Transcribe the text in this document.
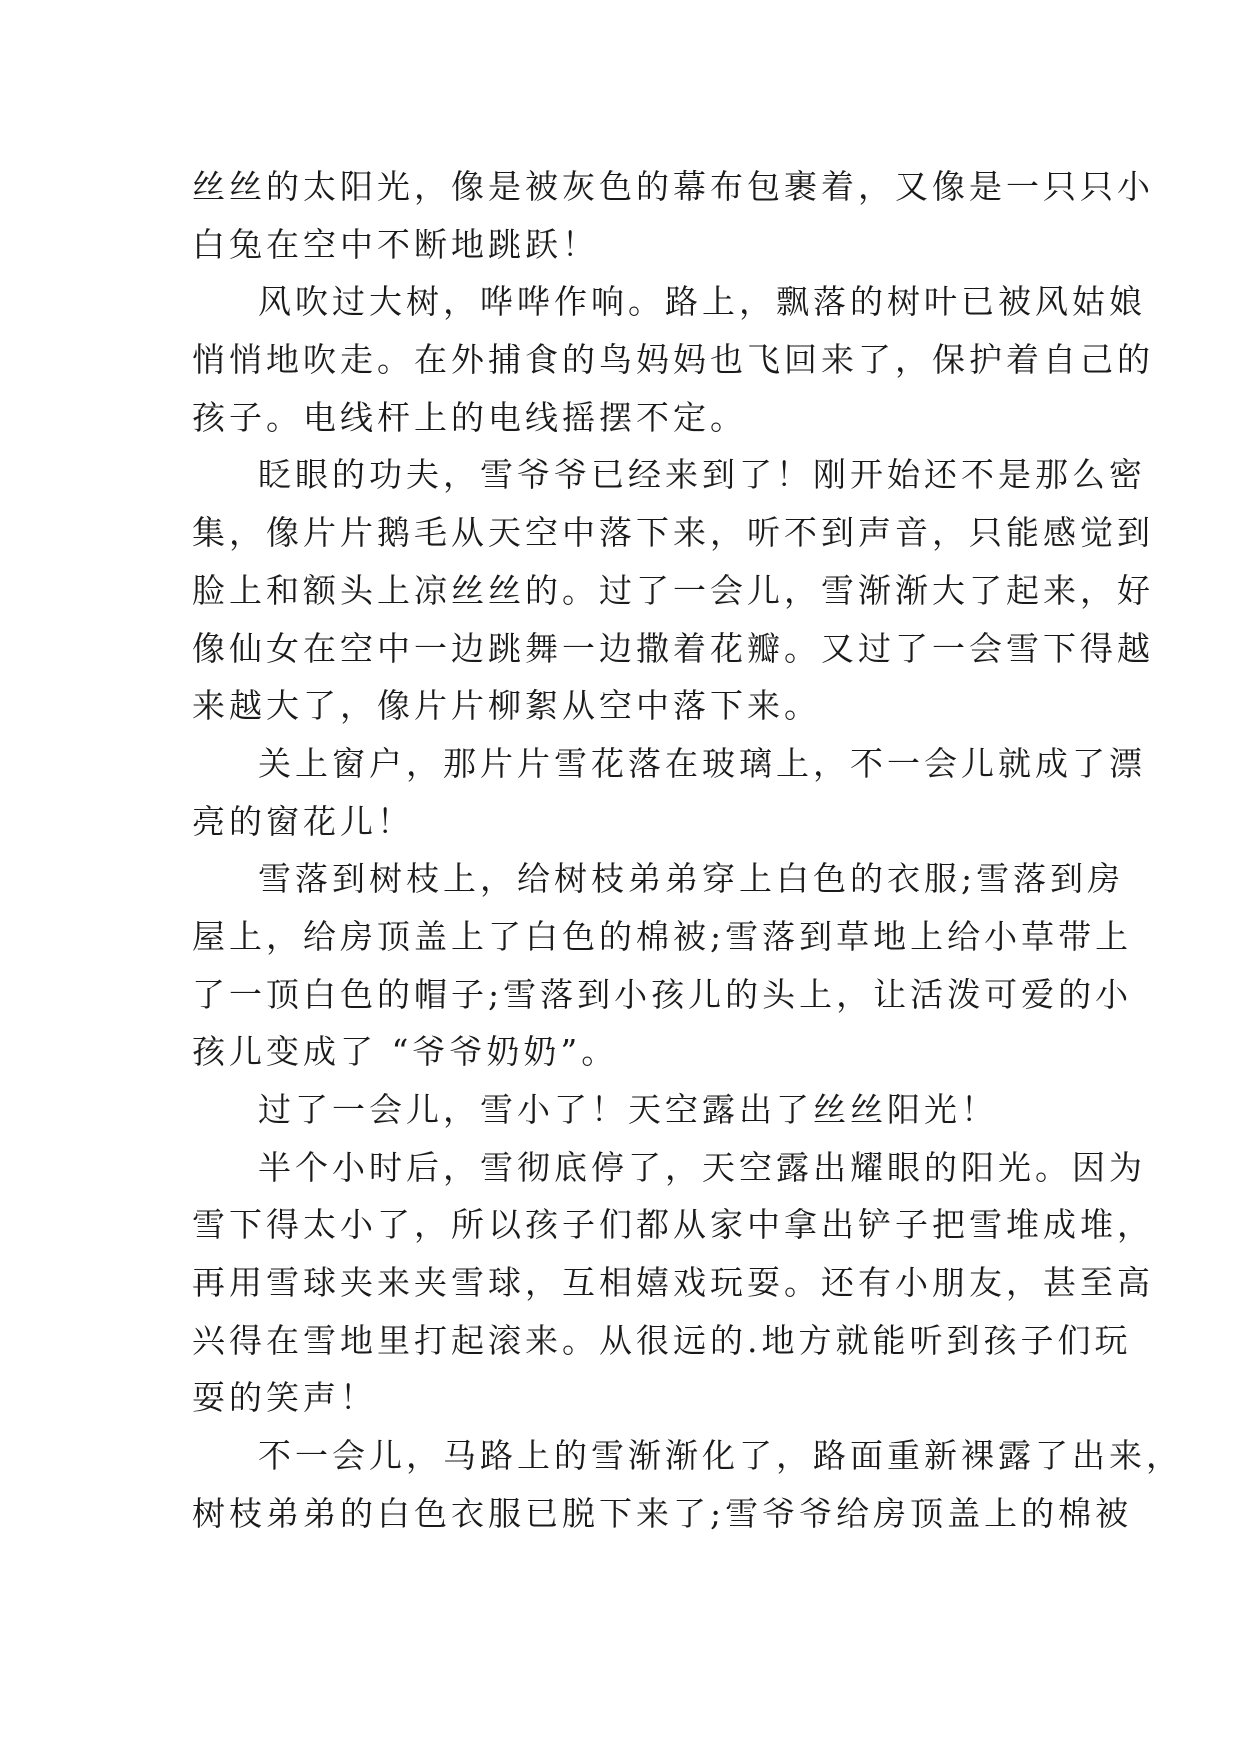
丝丝的太阳光，像是被灰色的幕布包裹着，又像是一只只小
白兔在空中不断地跳跃！
风吹过大树，哗哗作响。路上，飘落的树叶已被风姑娘
悄悄地吹走。在外捕食的鸟妈妈也飞回来了，保护着自己的
孩子。电线杆上的电线摇摆不定。
眨眼的功夫，雪爷爷已经来到了！刚开始还不是那么密
集，像片片鹅毛从天空中落下来，听不到声音，只能感觉到
脸上和额头上凉丝丝的。过了一会儿，雪渐渐大了起来，好
像仙女在空中一边跳舞一边撒着花瓣。又过了一会雪下得越
来越大了，像片片柳絮从空中落下来。
关上窗户，那片片雪花落在玻璃上，不一会儿就成了漂
亮的窗花儿！
雪落到树枝上，给树枝弟弟穿上白色的衣服;雪落到房
屋上，给房顶盖上了白色的棉被;雪落到草地上给小草带上
了一顶白色的帽子;雪落到小孩儿的头上，让活泼可爱的小
孩儿变成了 “爷爷奶奶”。
过了一会儿，雪小了！天空露出了丝丝阳光！
半个小时后，雪彻底停了，天空露出耀眼的阳光。因为
雪下得太小了，所以孩子们都从家中拿出铲子把雪堆成堆，
再用雪球夹来夹雪球，互相嬉戏玩耍。还有小朋友，甚至高
兴得在雪地里打起滚来。从很远的.地方就能听到孩子们玩
耍的笑声！
不一会儿，马路上的雪渐渐化了，路面重新裸露了出来，
树枝弟弟的白色衣服已脱下来了;雪爷爷给房顶盖上的棉被
